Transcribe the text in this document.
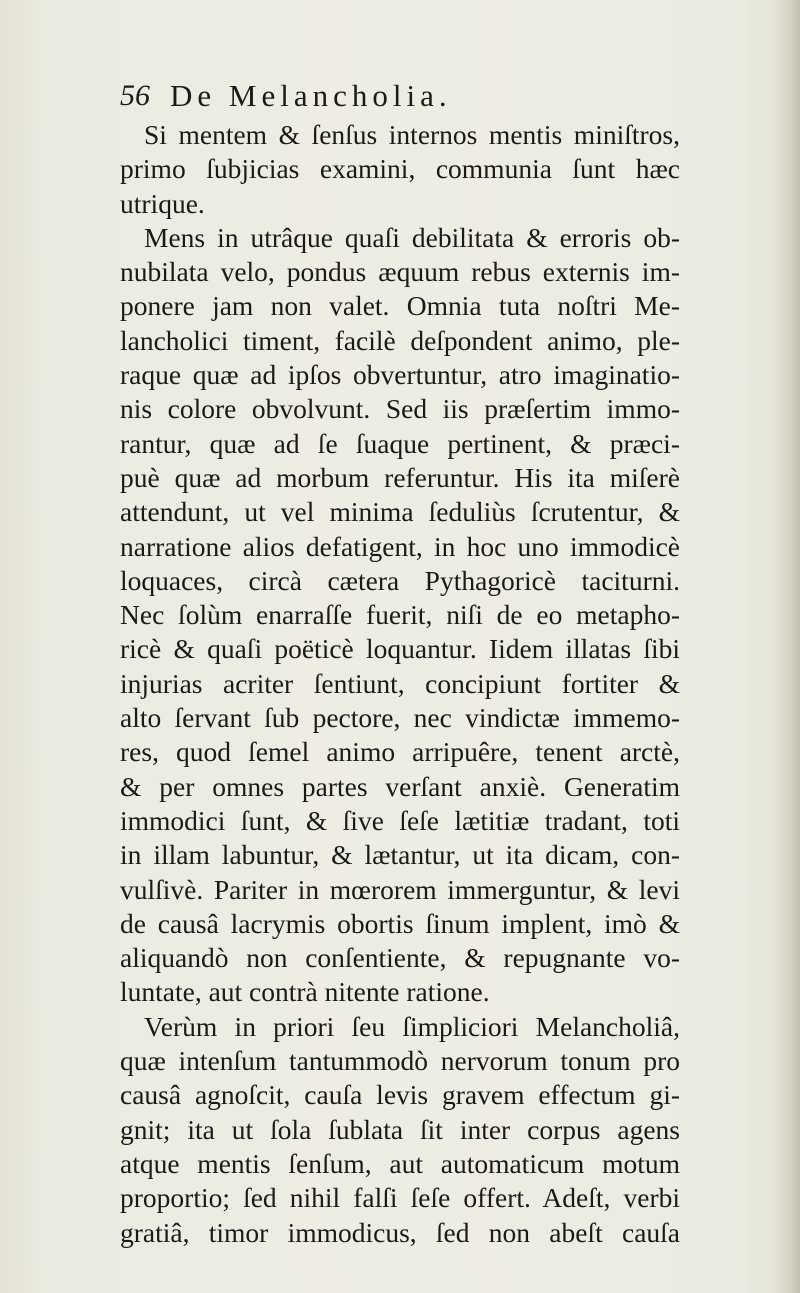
56 De Melancholia.
Si mentem & ſenſus internos mentis miniſtros,
primo ſubjicias examini, communia ſunt hæc
utrique.
Mens in utrâque quaſi debilitata & erroris ob-
nubilata velo, pondus æquum rebus externis im-
ponere jam non valet. Omnia tuta noſtri Me-
lancholici timent, facilè deſpondent animo, ple-
raque quæ ad ipſos obvertuntur, atro imaginatio-
nis colore obvolvunt. Sed iis præſertim immo-
rantur, quæ ad ſe ſuaque pertinent, & præci-
puè quæ ad morbum referuntur. His ita miſerè
attendunt, ut vel minima ſeduliùs ſcrutentur, &
narratione alios defatigent, in hoc uno immodicè
loquaces, circà cætera Pythagoricè taciturni.
Nec ſolùm enarraſſe fuerit, niſi de eo metapho-
ricè & quaſi poëticè loquantur. Iidem illatas ſibi
injurias acriter ſentiunt, concipiunt fortiter &
alto ſervant ſub pectore, nec vindictæ immemo-
res, quod ſemel animo arripuêre, tenent arctè,
& per omnes partes verſant anxiè. Generatim
immodici ſunt, & ſive ſeſe lætitiæ tradant, toti
in illam labuntur, & lætantur, ut ita dicam, con-
vulſivè. Pariter in mœrorem immerguntur, & levi
de causâ lacrymis obortis ſinum implent, imò &
aliquandò non conſentiente, & repugnante vo-
luntate, aut contrà nitente ratione.
Verùm in priori ſeu ſimpliciori Melancholiâ,
quæ intenſum tantummodò nervorum tonum pro
causâ agnoſcit, cauſa levis gravem effectum gi-
gnit; ita ut ſola ſublata ſit inter corpus agens
atque mentis ſenſum, aut automaticum motum
proportio; ſed nihil falſi ſeſe offert. Adeſt, verbi
gratiâ, timor immodicus, ſed non abeſt cauſa
